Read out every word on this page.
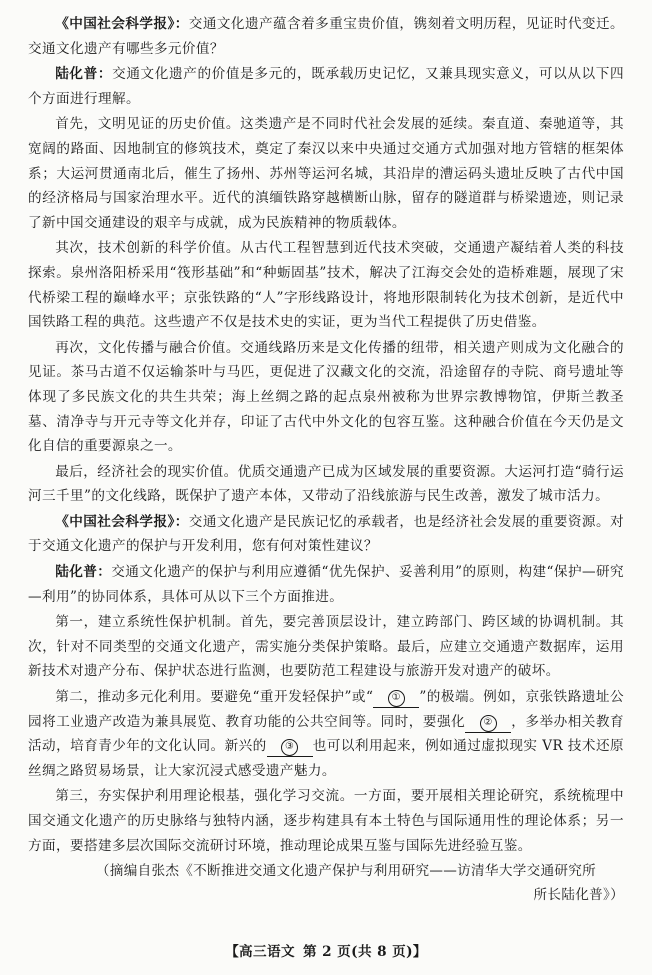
《中国社会科学报》：交通文化遗产蕴含着多重宝贵价值，镌刻着文明历程，见证时代变迁。交通文化遗产有哪些多元价值？

陆化普：交通文化遗产的价值是多元的，既承载历史记忆，又兼具现实意义，可以从以下四个方面进行理解。

首先，文明见证的历史价值。这类遗产是不同时代社会发展的延续。秦直道、秦驰道等，其宽阔的路面、因地制宜的修筑技术，奠定了秦汉以来中央通过交通方式加强对地方管辖的框架体系；大运河贯通南北后，催生了扬州、苏州等运河名城，其沿岸的漕运码头遗址反映了古代中国的经济格局与国家治理水平。近代的滇缅铁路穿越横断山脉，留存的隧道群与桥梁遗迹，则记录了新中国交通建设的艰辛与成就，成为民族精神的物质载体。

其次，技术创新的科学价值。从古代工程智慧到近代技术突破，交通遗产凝结着人类的科技探索。泉州洛阳桥采用“筏形基础”和“种蛎固基”技术，解决了江海交会处的造桥难题，展现了宋代桥梁工程的巅峰水平；京张铁路的“人”字形线路设计，将地形限制转化为技术创新，是近代中国铁路工程的典范。这些遗产不仅是技术史的实证，更为当代工程提供了历史借鉴。

再次，文化传播与融合价值。交通线路历来是文化传播的纽带，相关遗产则成为文化融合的见证。茶马古道不仅运输茶叶与马匹，更促进了汉藏文化的交流，沿途留存的寺院、商号遗址等体现了多民族文化的共生共荣；海上丝绸之路的起点泉州被称为世界宗教博物馆，伊斯兰教圣墓、清净寺与开元寺等文化并存，印证了古代中外文化的包容互鉴。这种融合价值在今天仍是文化自信的重要源泉之一。

最后，经济社会的现实价值。优质交通遗产已成为区域发展的重要资源。大运河打造“骑行运河三千里”的文化线路，既保护了遗产本体，又带动了沿线旅游与民生改善，激发了城市活力。

《中国社会科学报》：交通文化遗产是民族记忆的承载者，也是经济社会发展的重要资源。对于交通文化遗产的保护与开发利用，您有何对策性建议？

陆化普：交通文化遗产的保护与利用应遵循“优先保护、妥善利用”的原则，构建“保护—研究—利用”的协同体系，具体可从以下三个方面推进。

第一，建立系统性保护机制。首先，要完善顶层设计，建立跨部门、跨区域的协调机制。其次，针对不同类型的交通文化遗产，需实施分类保护策略。最后，应建立交通遗产数据库，运用新技术对遗产分布、保护状态进行监测，也要防范工程建设与旅游开发对遗产的破坏。

第二，推动多元化利用。要避免“重开发轻保护”或“ ① ”的极端。例如，京张铁路遗址公园将工业遗产改造为兼具展览、教育功能的公共空间等。同时，要强化 ② ，多举办相关教育活动，培育青少年的文化认同。新兴的 ③ 也可以利用起来，例如通过虚拟现实 VR 技术还原丝绸之路贸易场景，让大家沉浸式感受遗产魅力。

第三，夯实保护利用理论根基，强化学习交流。一方面，要开展相关理论研究，系统梳理中国交通文化遗产的历史脉络与独特内涵，逐步构建具有本土特色与国际通用性的理论体系；另一方面，要搭建多层次国际交流研讨环境，推动理论成果互鉴与国际先进经验互鉴。

（摘编自张杰《不断推进交通文化遗产保护与利用研究——访清华大学交通研究所
所长陆化普》）

【高三语文 第 2 页(共 8 页)】
